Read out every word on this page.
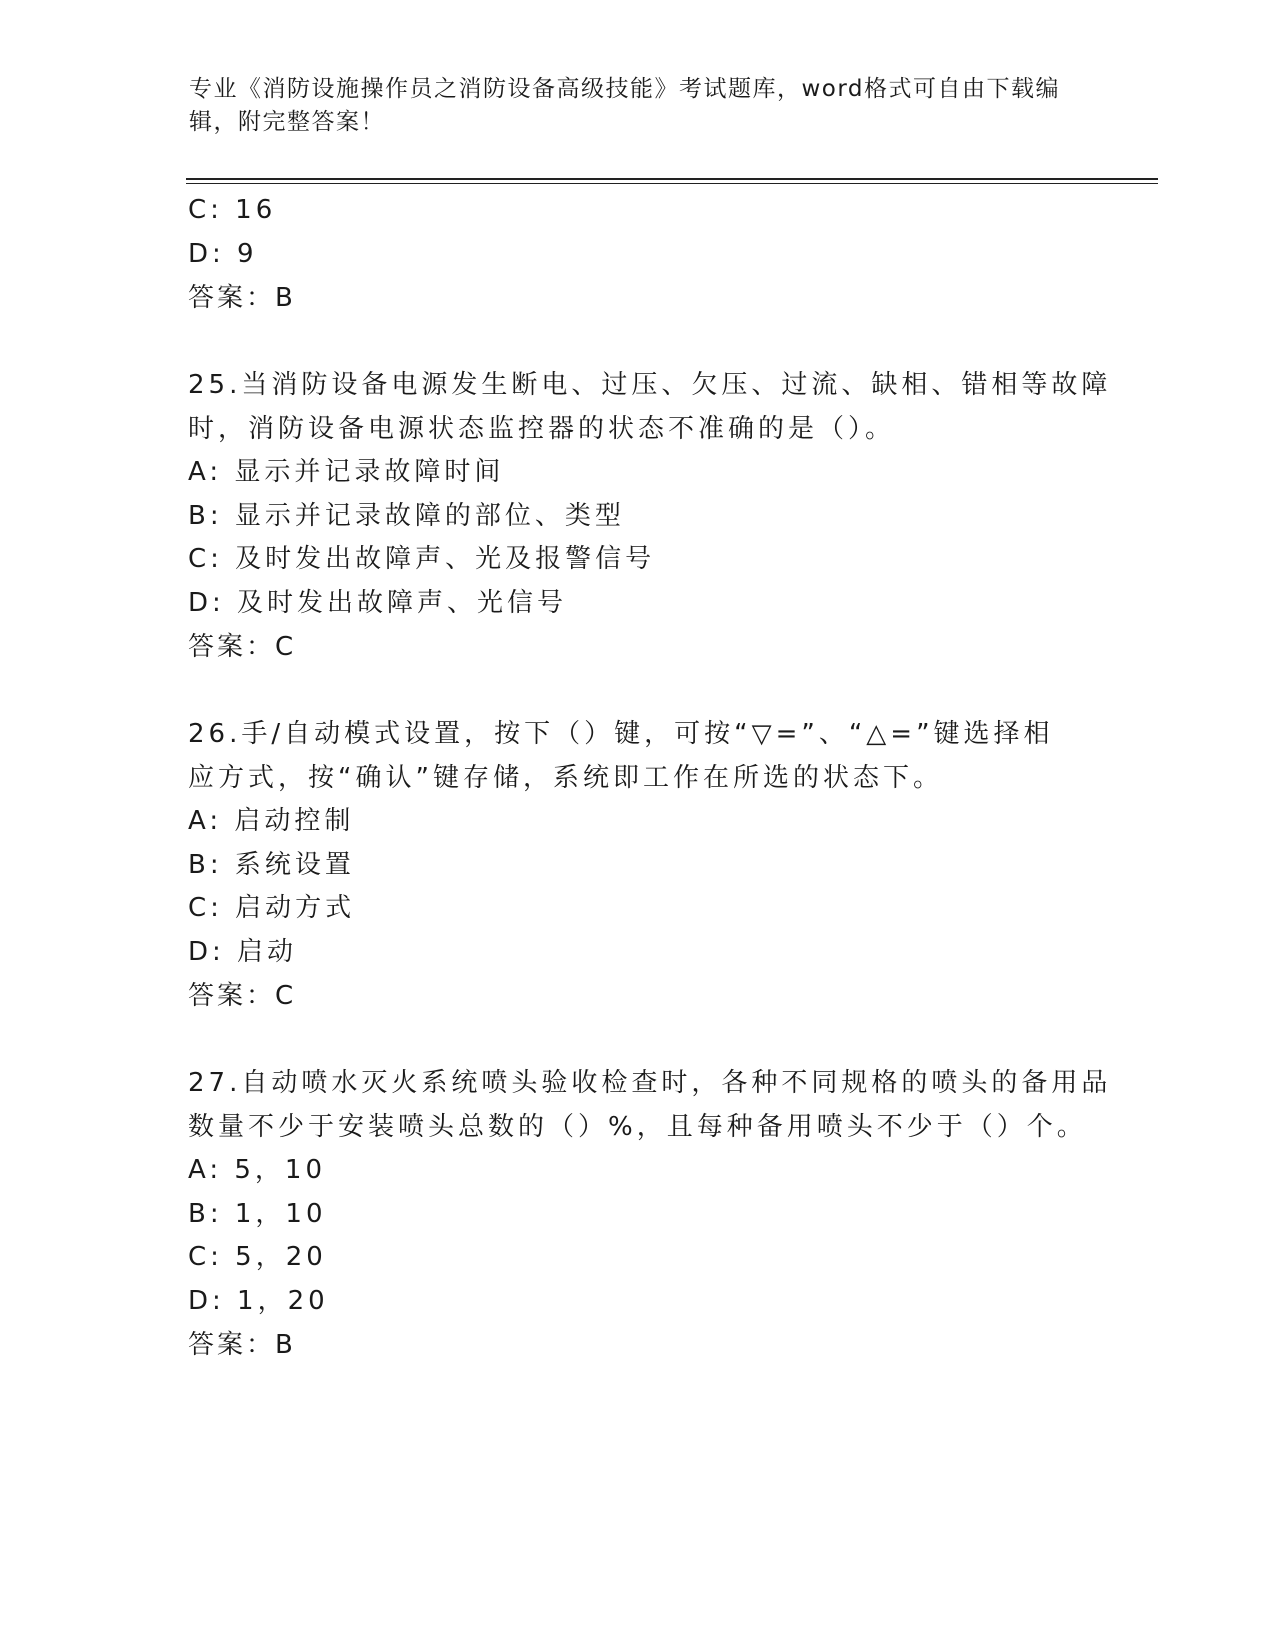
专业《消防设施操作员之消防设备高级技能》考试题库，word格式可自由下载编辑，附完整答案！
C: 16
D: 9
答案：B
25.当消防设备电源发生断电、过压、欠压、过流、缺相、错相等故障
时，消防设备电源状态监控器的状态不准确的是（）。
A: 显示并记录故障时间
B: 显示并记录故障的部位、类型
C: 及时发出故障声、光及报警信号
D: 及时发出故障声、光信号
答案：C
26.手/自动模式设置，按下（）键，可按“▽=”、“△=”键选择相
应方式，按“确认”键存储，系统即工作在所选的状态下。
A: 启动控制
B: 系统设置
C: 启动方式
D: 启动
答案：C
27.自动喷水灭火系统喷头验收检查时，各种不同规格的喷头的备用品
数量不少于安装喷头总数的（）%，且每种备用喷头不少于（）个。
A: 5，10
B: 1，10
C: 5，20
D: 1，20
答案：B
